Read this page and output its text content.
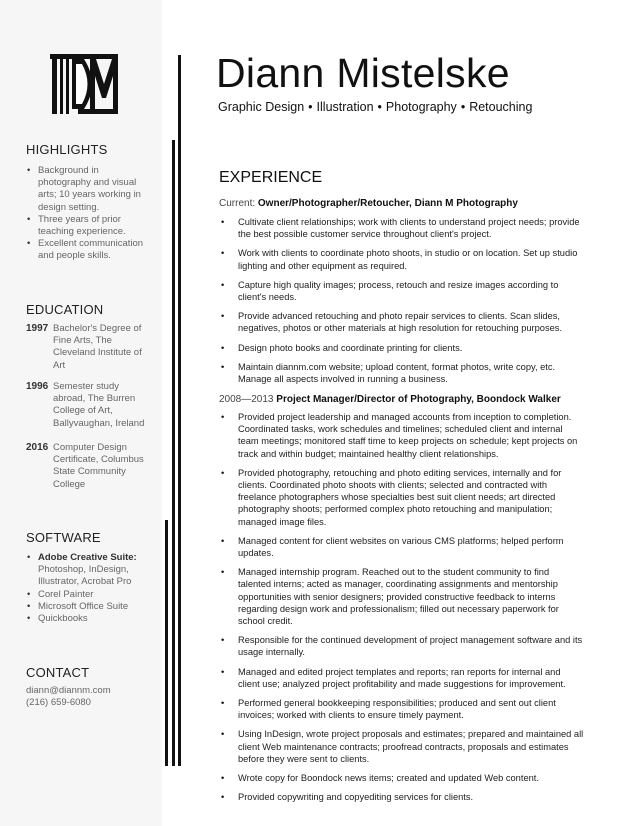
Diann Mistelske
Graphic Design • Illustration • Photography • Retouching
HIGHLIGHTS
• Background in photography and visual arts; 10 years working in design setting.
• Three years of prior teaching experience.
• Excellent communication and people skills.
EDUCATION
1997 Bachelor's Degree of Fine Arts, The Cleveland Institute of Art
1996 Semester study abroad, The Burren College of Art, Ballyvaughan, Ireland
2016 Computer Design Certificate, Columbus State Community College
SOFTWARE
• Adobe Creative Suite:
Photoshop, InDesign, Illustrator, Acrobat Pro
• Corel Painter
• Microsoft Office Suite
• Quickbooks
CONTACT
diann@diannm.com
(216) 659-6080
EXPERIENCE
Current: Owner/Photographer/Retoucher, Diann M Photography
• Cultivate client relationships; work with clients to understand project needs; provide the best possible customer service throughout client's project.
• Work with clients to coordinate photo shoots, in studio or on location. Set up studio lighting and other equipment as required.
• Capture high quality images; process, retouch and resize images according to client's needs.
• Provide advanced retouching and photo repair services to clients. Scan slides, negatives, photos or other materials at high resolution for retouching purposes.
• Design photo books and coordinate printing for clients.
• Maintain diannm.com website; upload content, format photos, write copy, etc. Manage all aspects involved in running a business.
2008—2013 Project Manager/Director of Photography, Boondock Walker
• Provided project leadership and managed accounts from inception to completion. Coordinated tasks, work schedules and timelines; scheduled client and internal team meetings; monitored staff time to keep projects on schedule; kept projects on track and within budget; maintained healthy client relationships.
• Provided photography, retouching and photo editing services, internally and for clients. Coordinated photo shoots with clients; selected and contracted with freelance photographers whose specialties best suit client needs; art directed photography shoots; performed complex photo retouching and manipulation; managed image files.
• Managed content for client websites on various CMS platforms; helped perform updates.
• Managed internship program. Reached out to the student community to find talented interns; acted as manager, coordinating assignments and mentorship opportunities with senior designers; provided constructive feedback to interns regarding design work and professionalism; filled out necessary paperwork for school credit.
• Responsible for the continued development of project management software and its usage internally.
• Managed and edited project templates and reports; ran reports for internal and client use; analyzed project profitability and made suggestions for improvement.
• Performed general bookkeeping responsibilities; produced and sent out client invoices; worked with clients to ensure timely payment.
• Using InDesign, wrote project proposals and estimates; prepared and maintained all client Web maintenance contracts; proofread contracts, proposals and estimates before they were sent to clients.
• Wrote copy for Boondock news items; created and updated Web content.
• Provided copywriting and copyediting services for clients.
